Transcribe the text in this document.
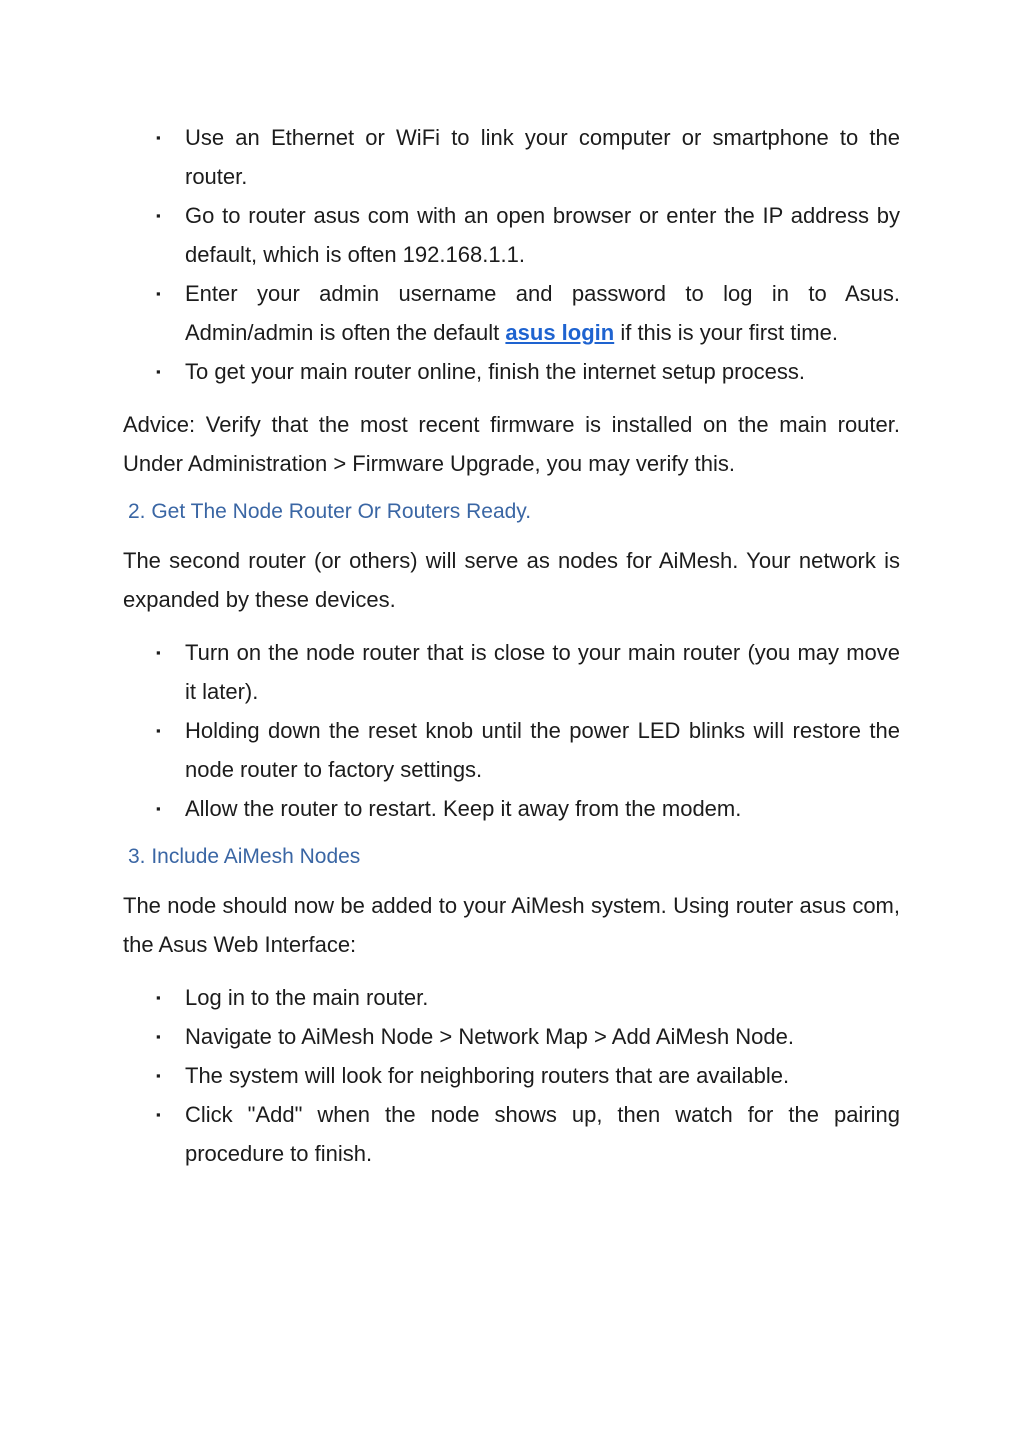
▪	Use an Ethernet or WiFi to link your computer or smartphone to the router.
▪	Go to router asus com with an open browser or enter the IP address by default, which is often 192.168.1.1.
▪	Enter your admin username and password to log in to Asus. Admin/admin is often the default asus login if this is your first time.
▪	To get your main router online, finish the internet setup process.

Advice: Verify that the most recent firmware is installed on the main router. Under Administration > Firmware Upgrade, you may verify this.

2. Get The Node Router Or Routers Ready.

The second router (or others) will serve as nodes for AiMesh. Your network is expanded by these devices.

▪	Turn on the node router that is close to your main router (you may move it later).
▪	Holding down the reset knob until the power LED blinks will restore the node router to factory settings.
▪	Allow the router to restart. Keep it away from the modem.
3. Include AiMesh Nodes

The node should now be added to your AiMesh system. Using router asus com, the Asus Web Interface:

▪	Log in to the main router.
▪	Navigate to AiMesh Node > Network Map > Add AiMesh Node.
▪	The system will look for neighboring routers that are available.
▪	Click "Add" when the node shows up, then watch for the pairing procedure to finish.
